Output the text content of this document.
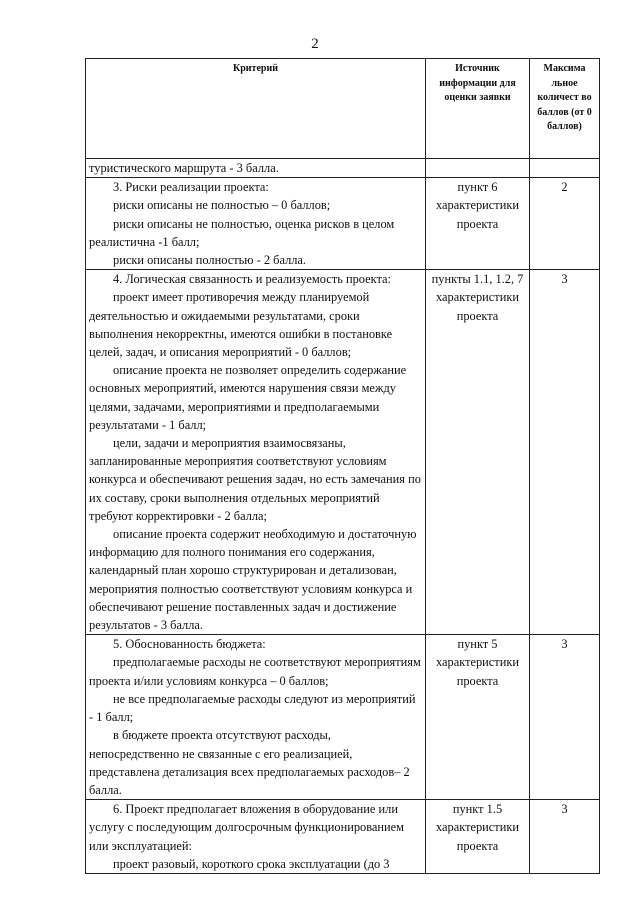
2
Критерий	Источник информации для оценки заявки	Максима льное количест во баллов (от 0 баллов)

туристического маршрута - 3 балла.		

3. Риски реализации проекта:

риски описаны не полностью – 0 баллов;

риски описаны не полностью, оценка рисков в целом реалистична -1 балл;

риски описаны полностью - 2 балла.	пункт 6 характеристики проекта	2

4. Логическая связанность и реализуемость проекта:

проект имеет противоречия между планируемой деятельностью и ожидаемыми результатами, сроки выполнения некорректны, имеются ошибки в постановке целей, задач, и описания мероприятий - 0 баллов;

описание проекта не позволяет определить содержание основных мероприятий, имеются нарушения связи между целями, задачами, мероприятиями и предполагаемыми результатами - 1 балл;

цели, задачи и мероприятия взаимосвязаны, запланированные мероприятия соответствуют условиям конкурса и обеспечивают решения задач, но есть замечания по их составу, сроки выполнения отдельных мероприятий требуют корректировки - 2 балла;

описание проекта содержит необходимую и достаточную информацию для полного понимания его содержания, календарный план хорошо структурирован и детализован, мероприятия полностью соответствуют условиям конкурса и обеспечивают решение поставленных задач и достижение результатов - 3 балла.	пункты 1.1, 1.2, 7 характеристики проекта	3

5. Обоснованность бюджета:

предполагаемые расходы не соответствуют мероприятиям проекта и/или условиям конкурса – 0 баллов;

не все предполагаемые расходы следуют из мероприятий - 1 балл;

в бюджете проекта отсутствуют расходы, непосредственно не связанные с его реализацией, представлена детализация всех предполагаемых расходов– 2 балла.	пункт 5 характеристики проекта	3

6. Проект предполагает вложения в оборудование или услугу с последующим долгосрочным функционированием или эксплуатацией:

проект разовый, короткого срока эксплуатации (до 3	пункт 1.5 характеристики проекта	3
